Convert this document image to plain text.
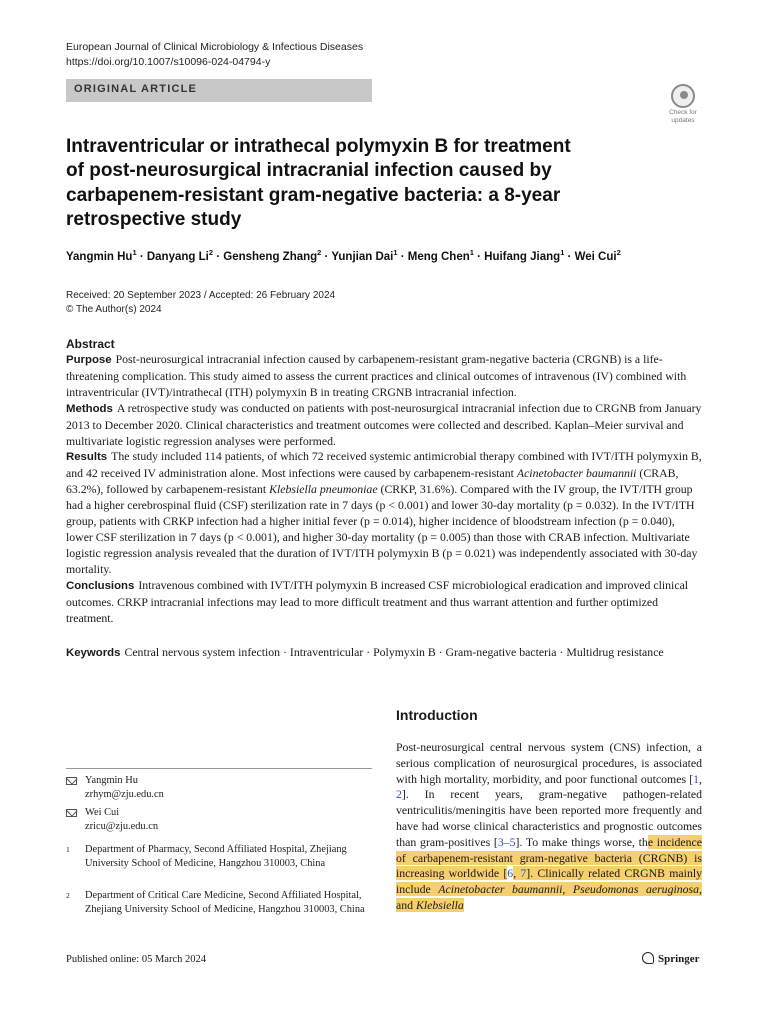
European Journal of Clinical Microbiology & Infectious Diseases
https://doi.org/10.1007/s10096-024-04794-y
ORIGINAL ARTICLE
Check for
updates
Intraventricular or intrathecal polymyxin B for treatment of post-neurosurgical intracranial infection caused by carbapenem-resistant gram-negative bacteria: a 8-year retrospective study
Yangmin $Hu^1$ · Danyang $Li^2$ · Gensheng Zhang$^2$ · Yunjian Dai$^1$ · Meng Chen$^1$ · Huifang Jiang$^1$ · Wei Cui$^2$
Received: 20 September 2023 / Accepted: 26 February 2024
© The Author(s) 2024
Abstract

Purpose Post-neurosurgical intracranial infection caused by carbapenem-resistant gram-negative bacteria (CRGNB) is a life-threatening complication. This study aimed to assess the current practices and clinical outcomes of intravenous (IV) combined with intraventricular (IVT)/intrathecal (ITH) polymyxin B in treating CRGNB intracranial infection.

Methods A retrospective study was conducted on patients with post-neurosurgical intracranial infection due to CRGNB from January 2013 to December 2020. Clinical characteristics and treatment outcomes were collected and described. Kaplan–Meier survival and multivariate logistic regression analyses were performed.

Results The study included 114 patients, of which 72 received systemic antimicrobial therapy combined with IVT/ITH polymyxin B, and 42 received IV administration alone. Most infections were caused by carbapenem-resistant Acinetobacter baumannii (CRAB, 63.2%), followed by carbapenem-resistant Klebsiella pneumoniae (CRKP, 31.6%). Compared with the IV group, the IVT/ITH group had a higher cerebrospinal fluid (CSF) sterilization rate in 7 days (p < 0.001) and lower 30-day mortality (p = 0.032). In the IVT/ITH group, patients with CRKP infection had a higher initial fever (p = 0.014), higher incidence of bloodstream infection (p = 0.040), lower CSF sterilization in 7 days (p < 0.001), and higher 30-day mortality (p = 0.005) than those with CRAB infection. Multivariate logistic regression analysis revealed that the duration of IVT/ITH polymyxin B (p = 0.021) was independently associated with 30-day mortality.

Conclusions Intravenous combined with IVT/ITH polymyxin B increased CSF microbiological eradication and improved clinical outcomes. CRKP intracranial infections may lead to more difficult treatment and thus warrant attention and further optimized treatment.

Keywords Central nervous system infection · Intraventricular · Polymyxin B · Gram-negative bacteria · Multidrug resistance
Introduction
Post-neurosurgical central nervous system (CNS) infection, a serious complication of neurosurgical procedures, is associated with high mortality, morbidity, and poor functional outcomes [1, 2]. In recent years, gram-negative pathogen-related ventriculitis/meningitis have been reported more frequently and have had worse clinical characteristics and prognostic outcomes than gram-positives [3–5]. To make things worse, the incidence of carbapenem-resistant gram-negative bacteria (CRGNB) is increasing worldwide [6, 7]. Clinically related CRGNB mainly include Acinetobacter baumannii, Pseudomonas aeruginosa, and Klebsiella
Yangmin Hu
zrhym@zju.edu.cn
Wei Cui
zricu@zju.edu.cn
1 Department of Pharmacy, Second Affiliated Hospital, Zhejiang University School of Medicine, Hangzhou 310003, China
2 Department of Critical Care Medicine, Second Affiliated Hospital, Zhejiang University School of Medicine, Hangzhou 310003, China
Published online: 05 March 2024	Springer
